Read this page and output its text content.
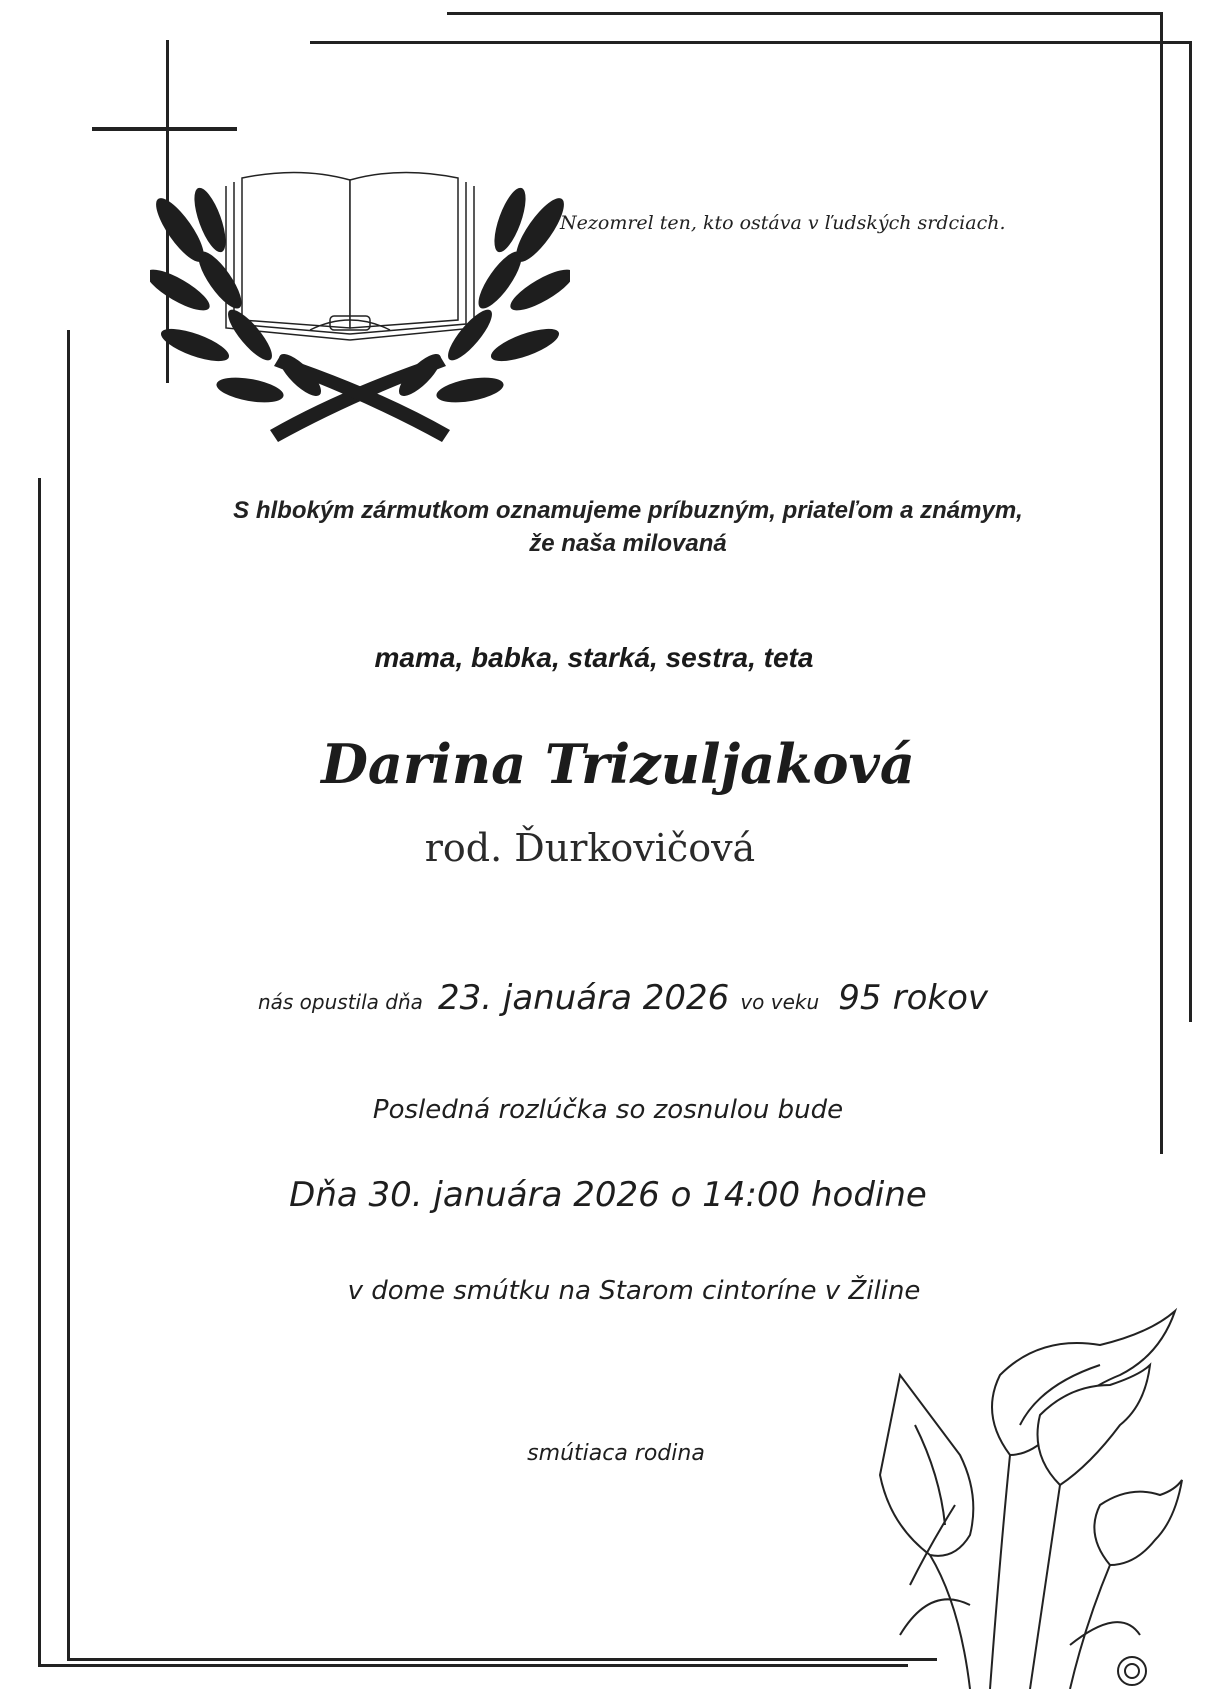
Nezomrel ten, kto ostáva v ľudských srdciach.
S hlbokým zármutkom oznamujeme príbuzným, priateľom a známym,
že naša milovaná
mama, babka, starká, sestra, teta
Darina Trizuljaková
rod. Ďurkovičová
nás opustila dňa 23. januára 2026 vo veku 95 rokov
Posledná rozlúčka so zosnulou bude
Dňa 30. januára 2026 o 14:00 hodine
v dome smútku na Starom cintoríne v Žiline
smútiaca rodina
